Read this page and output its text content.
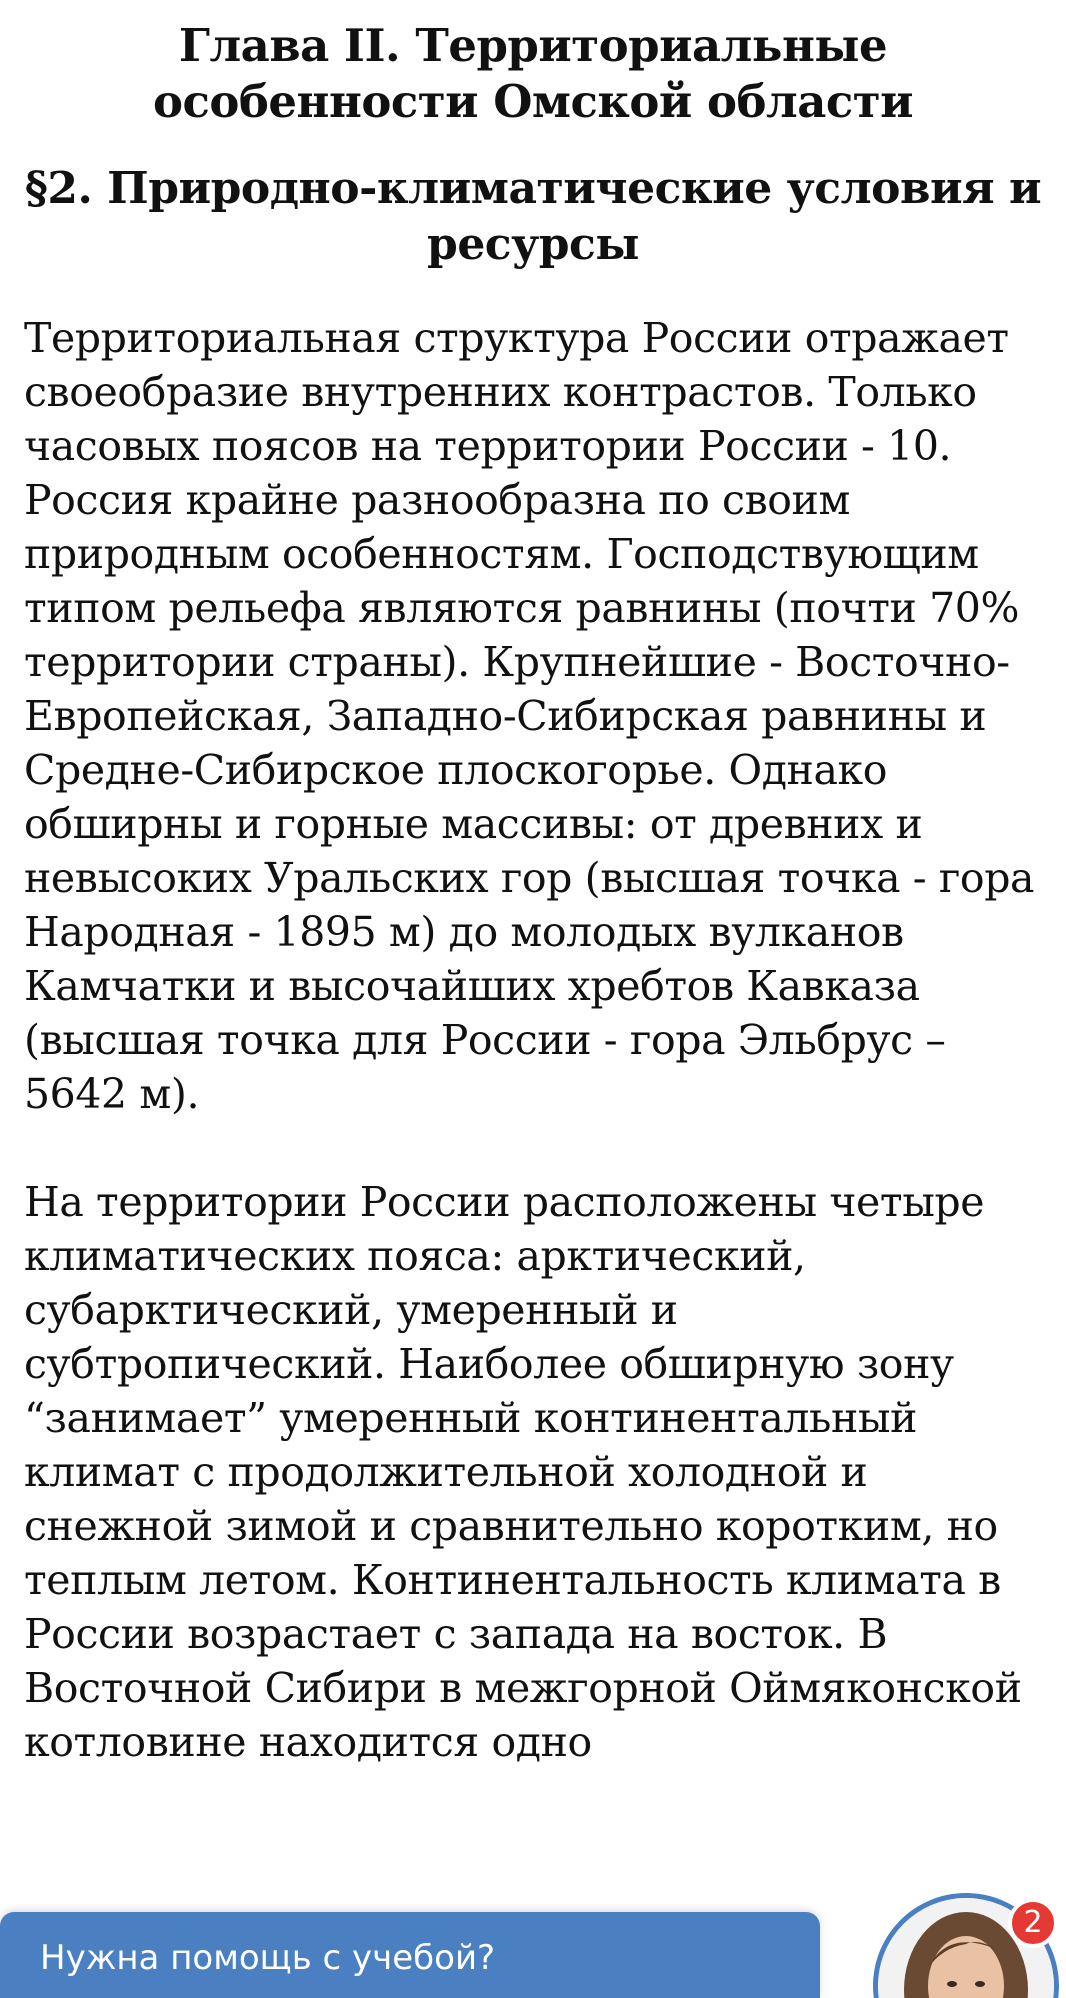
Глава II. Территориальные особенности Омской области
§2. Природно-климатические условия и ресурсы

Территориальная структура России отражает своеобразие внутренних контрастов. Только часовых поясов на территории России - 10. Россия крайне разнообразна по своим природным особенностям. Господствующим типом рельефа являются равнины (почти 70% территории страны). Крупнейшие - Восточно-Европейская, Западно-Сибирская равнины и Средне-Сибирское плоскогорье. Однако обширны и горные массивы: от древних и невысоких Уральских гор (высшая точка - гора Народная - 1895 м) до молодых вулканов Камчатки и высочайших хребтов Кавказа (высшая точка для России - гора Эльбрус – 5642 м).

На территории России расположены четыре климатических пояса: арктический, субарктический, умеренный и субтропический. Наиболее обширную зону “занимает” умеренный континентальный климат с продолжительной холодной и снежной зимой и сравнительно коротким, но теплым летом. Континентальность климата в России возрастает с запада на восток. В Восточной Сибири в межгорной Оймяконской котловине находится одно

Нужна помощь с учебой?
2
